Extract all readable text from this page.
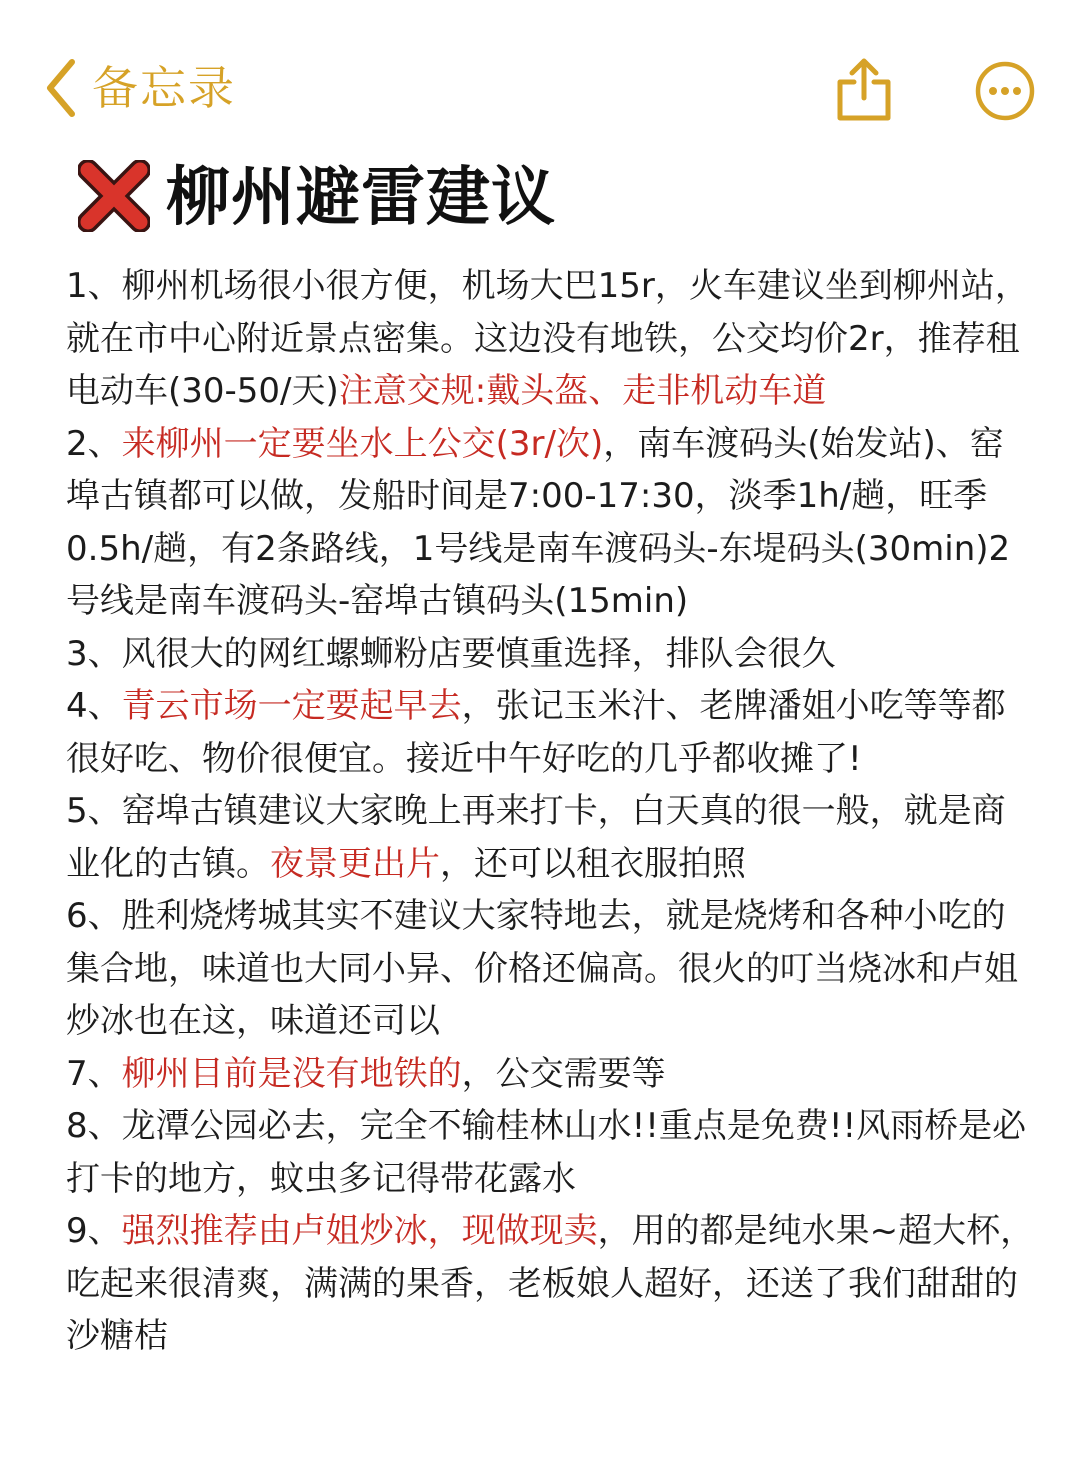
备忘录
柳州避雷建议

1、柳州机场很小很方便，机场大巴15r，火车建议坐到柳州站，就在市中心附近景点密集。这边没有地铁，公交均价2r，推荐租电动车(30-50/天)注意交规:戴头盔、走非机动车道

2、来柳州一定要坐水上公交(3r/次)，南车渡码头(始发站)、窑埠古镇都可以做，发船时间是7:00-17:30，淡季1h/趟，旺季0.5h/趟，有2条路线，1号线是南车渡码头-东堤码头(30min)2号线是南车渡码头-窑埠古镇码头(15min)

3、风很大的网红螺蛳粉店要慎重选择，排队会很久

4、青云市场一定要起早去，张记玉米汁、老牌潘姐小吃等等都很好吃、物价很便宜。接近中午好吃的几乎都收摊了!

5、窑埠古镇建议大家晚上再来打卡，白天真的很一般，就是商业化的古镇。夜景更出片，还可以租衣服拍照

6、胜利烧烤城其实不建议大家特地去，就是烧烤和各种小吃的集合地，味道也大同小异、价格还偏高。很火的叮当烧冰和卢姐炒冰也在这，味道还司以

7、柳州目前是没有地铁的，公交需要等

8、龙潭公园必去，完全不输桂林山水!!重点是免费!!风雨桥是必打卡的地方，蚊虫多记得带花露水

9、强烈推荐由卢姐炒冰，现做现卖，用的都是纯水果~超大杯，吃起来很清爽，满满的果香，老板娘人超好，还送了我们甜甜的沙糖桔
